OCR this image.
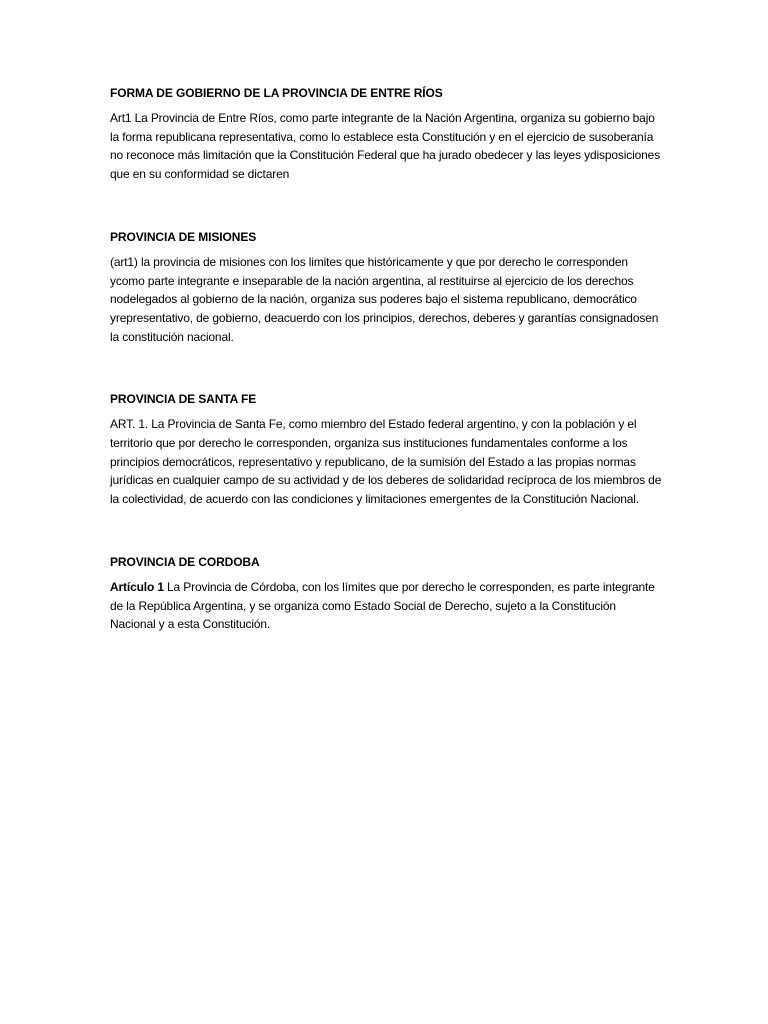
FORMA DE GOBIERNO DE LA PROVINCIA DE ENTRE RÍOS

Art1 La Provincia de Entre Ríos, como parte integrante de la Nación Argentina, organiza su gobierno bajo la forma republicana representativa, como lo establece esta Constitución y en el ejercicio de susoberanía no reconoce más limitación que la Constitución Federal que ha jurado obedecer y las leyes ydisposiciones que en su conformidad se dictaren

PROVINCIA DE MISIONES

(art1) la provincia de misiones con los limites que históricamente y que por derecho le corresponden ycomo parte integrante e inseparable de la nación argentina, al restituirse al ejercicio de los derechos nodelegados al gobierno de la nación, organiza sus poderes bajo el sistema republicano, democrático yrepresentativo, de gobierno, deacuerdo con los principios, derechos, deberes y garantías consignadosen la constitución nacional.

PROVINCIA DE SANTA FE

ART. 1. La Provincia de Santa Fe, como miembro del Estado federal argentino, y con la población y el territorio que por derecho le corresponden, organiza sus instituciones fundamentales conforme a los principios democráticos, representativo y republicano, de la sumisión del Estado a las propias normas jurídicas en cualquier campo de su actividad y de los deberes de solidaridad recíproca de los miembros de la colectividad, de acuerdo con las condiciones y limitaciones emergentes de la Constitución Nacional.

PROVINCIA DE CORDOBA

Artículo 1 La Provincia de Córdoba, con los límites que por derecho le corresponden, es parte integrante de la República Argentina, y se organiza como Estado Social de Derecho, sujeto a la Constitución Nacional y a esta Constitución.
